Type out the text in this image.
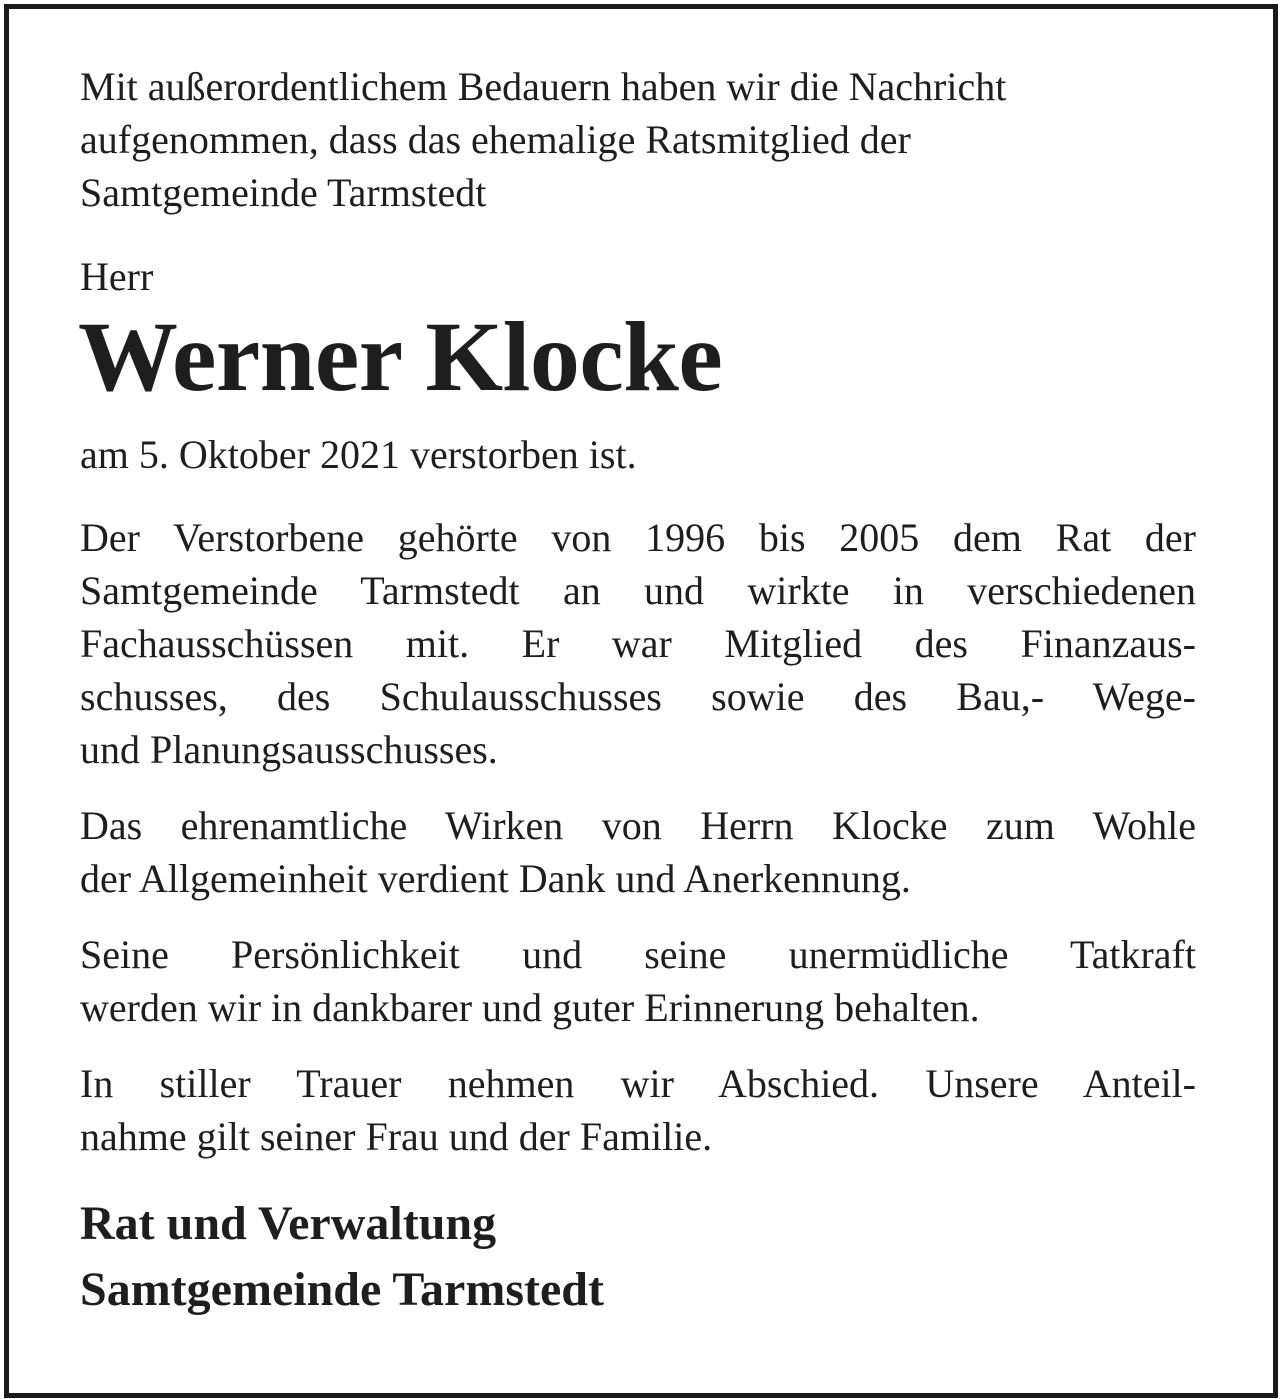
Mit außerordentlichem Bedauern haben wir die Nachricht
aufgenommen, dass das ehemalige Ratsmitglied der
Samtgemeinde Tarmstedt

Herr

Werner Klocke

am 5. Oktober 2021 verstorben ist.

Der Verstorbene gehörte von 1996 bis 2005 dem Rat der
Samtgemeinde Tarmstedt an und wirkte in verschiedenen
Fachausschüssen mit. Er war Mitglied des Finanzaus-
schusses, des Schulausschusses sowie des Bau,- Wege-
und Planungsausschusses.
Das ehrenamtliche Wirken von Herrn Klocke zum Wohle
der Allgemeinheit verdient Dank und Anerkennung.
Seine Persönlichkeit und seine unermüdliche Tatkraft
werden wir in dankbarer und guter Erinnerung behalten.
In stiller Trauer nehmen wir Abschied. Unsere Anteil-
nahme gilt seiner Frau und der Familie.
Rat und Verwaltung
Samtgemeinde Tarmstedt
